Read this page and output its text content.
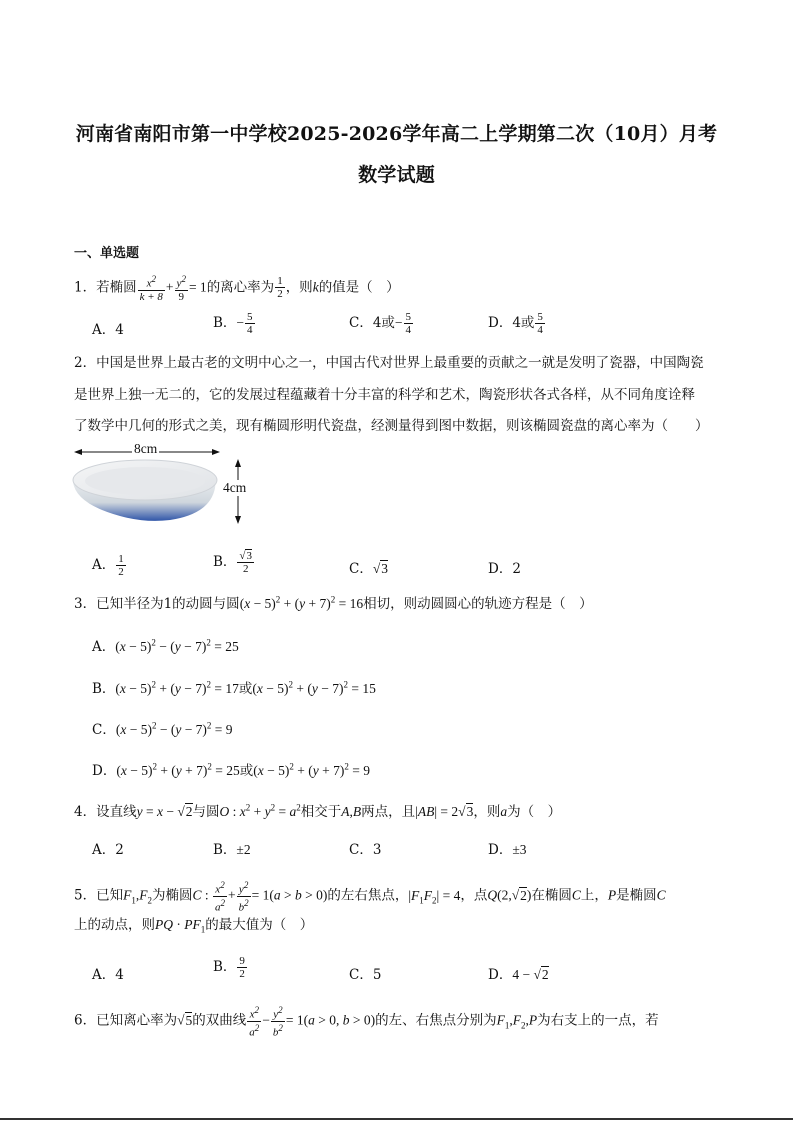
河南省南阳市第一中学校2025-2026学年高二上学期第二次（10月）月考
数学试题
一、单选题
1．若椭圆 $\frac{x^2}{k + 8} + \frac{y^2}{9} = 1$的离心率为 $\frac{1}{2}$ ，则k的值是（　）
A．4	B．− $\frac{5}{4}$	C．4或− $\frac{5}{4}$	D．4或 $\frac{5}{4}$
2．中国是世界上最古老的文明中心之一，中国古代对世界上最重要的贡献之一就是发明了瓷器，中国陶瓷
是世界上独一无二的，它的发展过程蕴藏着十分丰富的科学和艺术，陶瓷形状各式各样，从不同角度诠释
了数学中几何的形式之美，现有椭圆形明代瓷盘，经测量得到图中数据，则该椭圆瓷盘的离心率为（　　）
8cm
4cm
A． $\frac{1}{2}$	B． $\frac{√3}{2}$	C．√3	D．2
3．已知半径为1的动圆与圆$(x - 5)^2 + (y + 7)^2 = 16$相切，则动圆圆心的轨迹方程是（　）
A．$(x - 5)^2 - (y - 7)^2 = 25$
B．$(x - 5)^2 + (y - 7)^2 = 17$或$(x - 5)^2 + (y - 7)^2 = 15$
C．$(x - 5)^2 - (y - 7)^2 = 9$
D．$(x - 5)^2 + (y + 7)^2 = 25$或$(x - 5)^2 + (y + 7)^2 = 9$
4．设直线y = x − √2与圆O : $x^2 + y^2 = a^2$相交于A,B两点，且|AB| = 2√3，则a为（　）
A．2	B．±2	C．3	D．±3
5．已知$F_1,F_2$为椭圆C : $\frac{x^2}{a^2} + \frac{y^2}{b^2} = 1(a > b > 0)$的左右焦点，$|F_1F_2| = 4$，点Q(2,√2)在椭圆C上，P是椭圆C
上的动点，则PQ · $PF_1$的最大值为（　）
A．4	B． $\frac{9}{2}$	C．5	D．4 − √2
6．已知离心率为√5的双曲线 $\frac{x^2}{a^2} - \frac{y^2}{b^2} = 1(a > 0$, b > 0)的左、右焦点分别为$F_1,F_2,P$为右支上的一点，若
